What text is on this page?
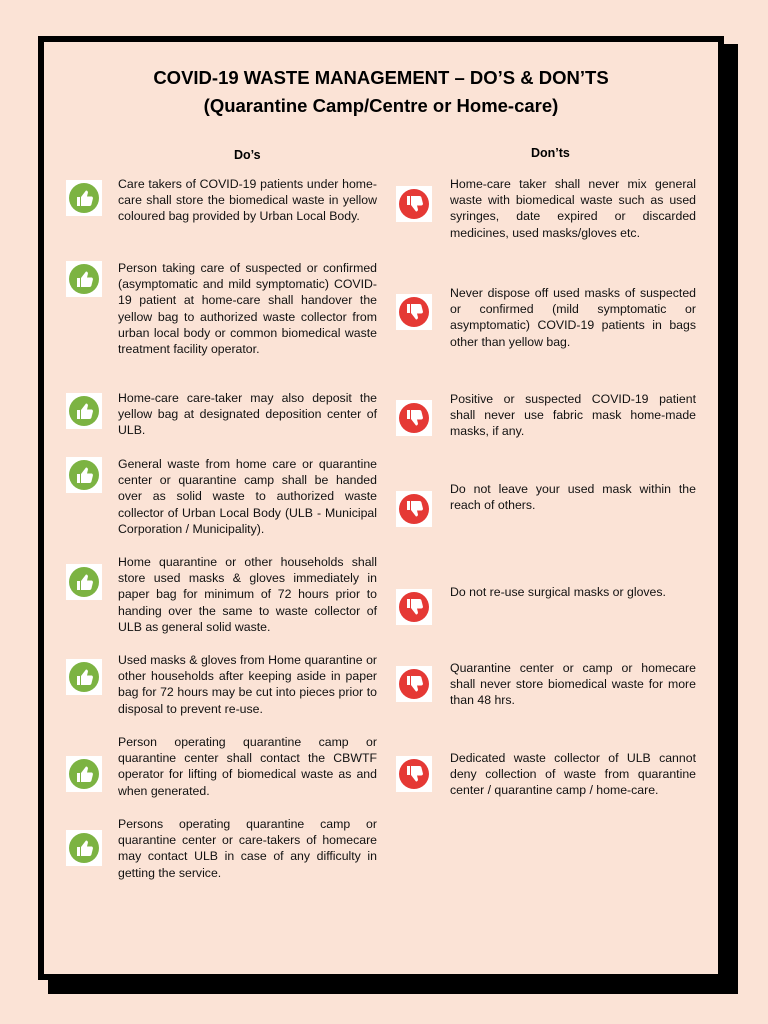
COVID-19 WASTE MANAGEMENT – DO’S & DON’TS
(Quarantine Camp/Centre or Home-care)
Do’s	Don’ts
Care takers of COVID-19 patients under home-care shall store the biomedical waste in yellow coloured bag provided by Urban Local Body.
Person taking care of suspected or confirmed (asymptomatic and mild symptomatic) COVID-19 patient at home-care shall handover the yellow bag to authorized waste collector from urban local body or common biomedical waste treatment facility operator.
Home-care care-taker may also deposit the yellow bag at designated deposition center of ULB.
General waste from home care or quarantine center or quarantine camp shall be handed over as solid waste to authorized waste collector of Urban Local Body (ULB - Municipal Corporation / Municipality).
Home quarantine or other households shall store used masks & gloves immediately in paper bag for minimum of 72 hours prior to handing over the same to waste collector of ULB as general solid waste.
Used masks & gloves from Home quarantine or other households after keeping aside in paper bag for 72 hours may be cut into pieces prior to disposal to prevent re-use.
Person operating quarantine camp or quarantine center shall contact the CBWTF operator for lifting of biomedical waste as and when generated.
Persons operating quarantine camp or quarantine center or care-takers of homecare may contact ULB in case of any difficulty in getting the service.
Home-care taker shall never mix general waste with biomedical waste such as used syringes, date expired or discarded medicines, used masks/gloves etc.
Never dispose off used masks of suspected or confirmed (mild symptomatic or asymptomatic) COVID-19 patients in bags other than yellow bag.
Positive or suspected COVID-19 patient shall never use fabric mask home-made masks, if any.
Do not leave your used mask within the reach of others.
Do not re-use surgical masks or gloves.
Quarantine center or camp or homecare shall never store biomedical waste for more than 48 hrs.
Dedicated waste collector of ULB cannot deny collection of waste from quarantine center / quarantine camp / home-care.
